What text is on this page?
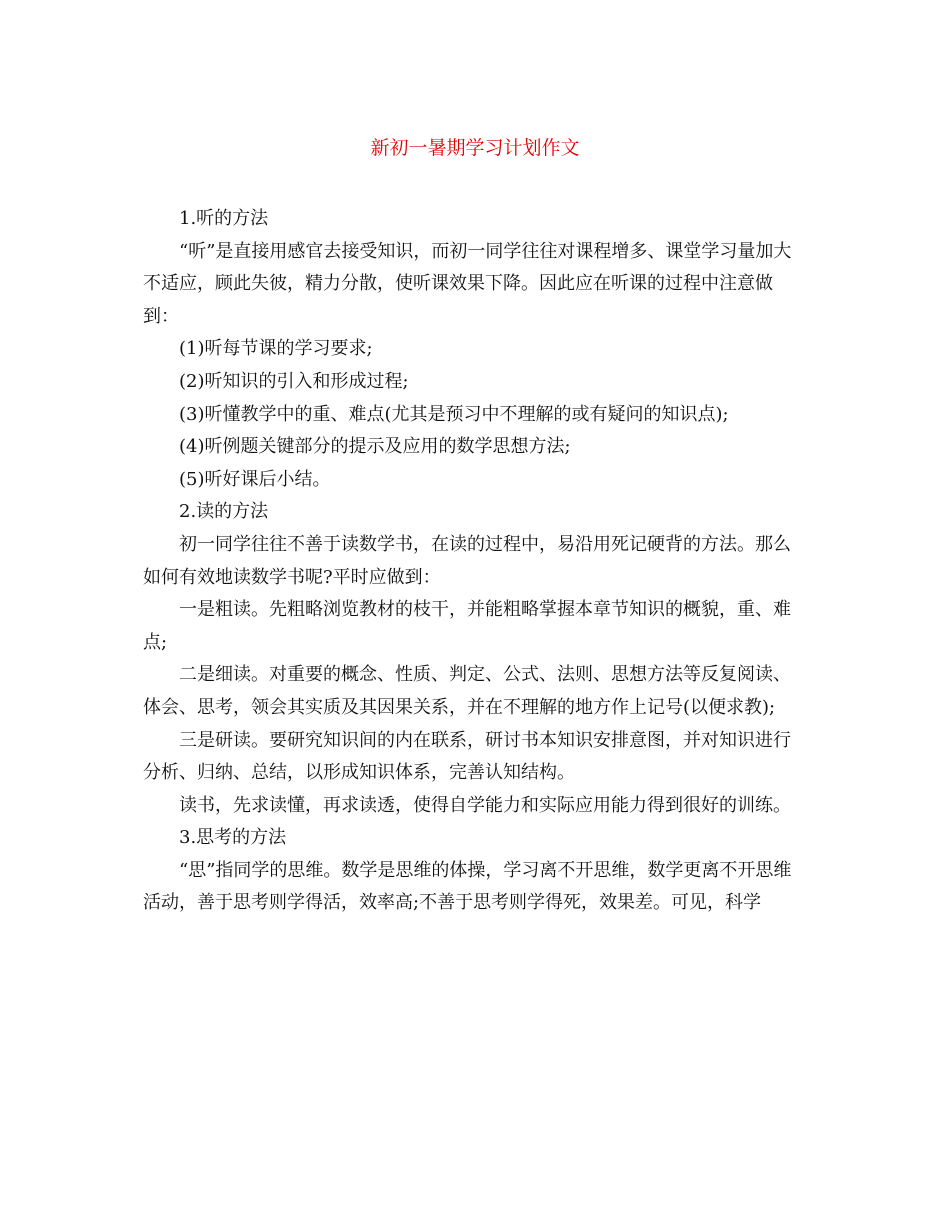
新初一暑期学习计划作文

1.听的方法

“听”是直接用感官去接受知识，而初一同学往往对课程增多、课堂学习量加大不适应，顾此失彼，精力分散，使听课效果下降。因此应在听课的过程中注意做到：

(1)听每节课的学习要求;

(2)听知识的引入和形成过程;

(3)听懂教学中的重、难点(尤其是预习中不理解的或有疑问的知识点);

(4)听例题关键部分的提示及应用的数学思想方法;

(5)听好课后小结。

2.读的方法

初一同学往往不善于读数学书，在读的过程中，易沿用死记硬背的方法。那么如何有效地读数学书呢?平时应做到：

一是粗读。先粗略浏览教材的枝干，并能粗略掌握本章节知识的概貌，重、难点;

二是细读。对重要的概念、性质、判定、公式、法则、思想方法等反复阅读、体会、思考，领会其实质及其因果关系，并在不理解的地方作上记号(以便求教);

三是研读。要研究知识间的内在联系，研讨书本知识安排意图，并对知识进行分析、归纳、总结，以形成知识体系，完善认知结构。

读书，先求读懂，再求读透，使得自学能力和实际应用能力得到很好的训练。

3.思考的方法

“思”指同学的思维。数学是思维的体操，学习离不开思维，数学更离不开思维活动，善于思考则学得活，效率高;不善于思考则学得死，效果差。可见，科学
